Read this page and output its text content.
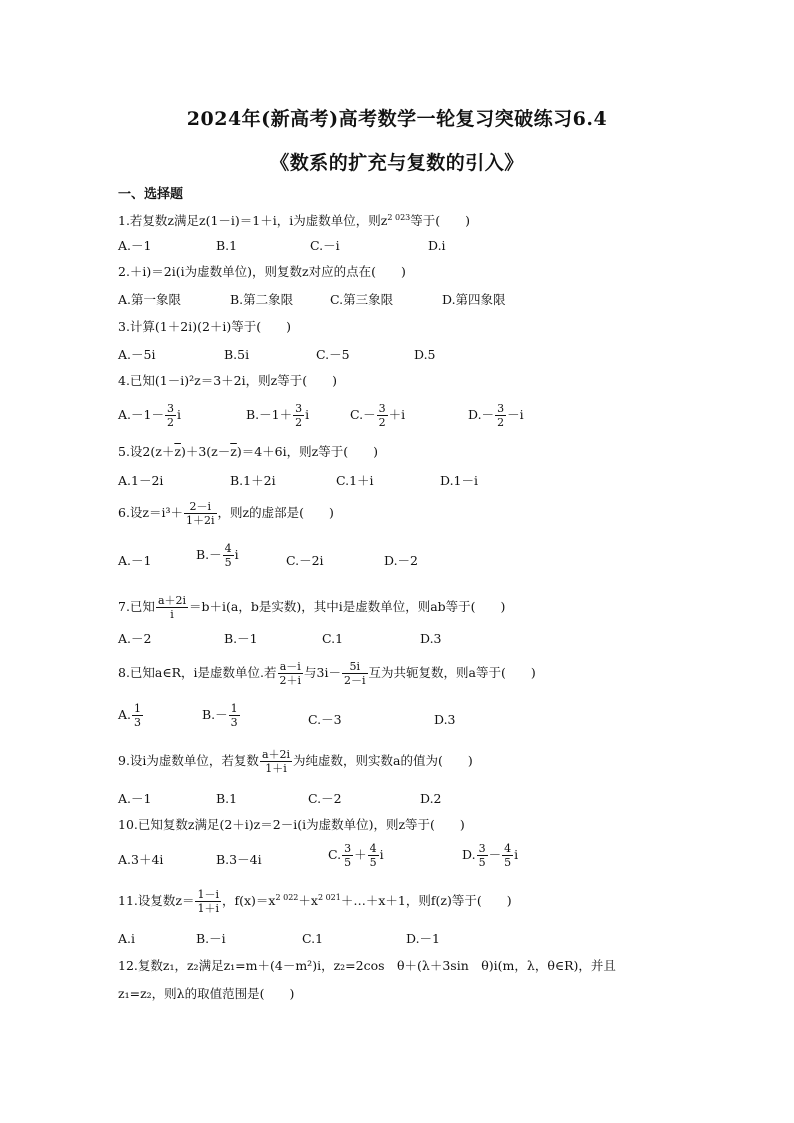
2024年(新高考)高考数学一轮复习突破练习6.4
《数系的扩充与复数的引入》
一、选择题
1.若复数z满足z(1－i)＝1＋i，i为虚数单位，则$z^{2 023}$等于(　　)
A.－1	B.1	C.－i	D.i
2.＋i)＝2i(i为虚数单位)，则复数z对应的点在(　　)
A.第一象限	B.第二象限	C.第三象限	D.第四象限
3.计算(1＋2i)(2＋i)等于(　　)
A.－5i	B.5i	C.－5	D.5
4.已知(1－i)²z＝3＋2i，则z等于(　　)
$A.-1- \frac{3}{2}$ i	$B.-1+ \frac{3}{2}$ i	$C.- \frac{3}{2} +i$	$D.- \frac{3}{2} -i$
5.设$2(z+\overline{z})+3(z-\overline{z})=4+6i$，则z等于(　　)
A.1－2i	B.1＋2i	C.1＋i	D.1－i
6.设$z=i^3+ \frac{2-i}{1+2i}$ ，则z的虚部是(　　)
A.－1	$B.- \frac{4}{5}$ i	C.－2i	D.－2
7.已知 $\frac{a+2i}{i} =b+i(a$，b是实数)，其中i是虚数单位，则ab等于(　　)
A.－2	B.－1	C.1	D.3
8.已知a∈R，i是虚数单位.若 $\frac{a-i}{2+i}$ 与$3i- \frac{5i}{2-i}$ 互为共轭复数，则a等于(　　)
A. $\frac{1}{3}$	$B.- \frac{1}{3}$	C.－3	D.3
9.设i为虚数单位，若复数 $\frac{a+2i}{1+i}$ 为纯虚数，则实数a的值为(　　)
A.－1	B.1	C.－2	D.2
10.已知复数z满足(2＋i)z＝2－i(i为虚数单位)，则z等于(　　)
A.3＋4i	B.3－4i	C. $\frac{3}{5} + \frac{4}{5}$ i	D. $\frac{3}{5} - \frac{4}{5}$ i
11.设复数$z= \frac{1-i}{1+i}$ ，$f(x)=x^{2 022}+x^{2 021}+\dots+x+1$，则f(z)等于(　　)
A.i	B.－i	C.1	D.－1
12.复数z₁，z₂满足z₁=m＋(4－m²)i，z₂=2cos　θ＋(λ＋3sin　θ)i(m，λ，θ∈R)，并且
z₁=z₂，则λ的取值范围是(　　)
